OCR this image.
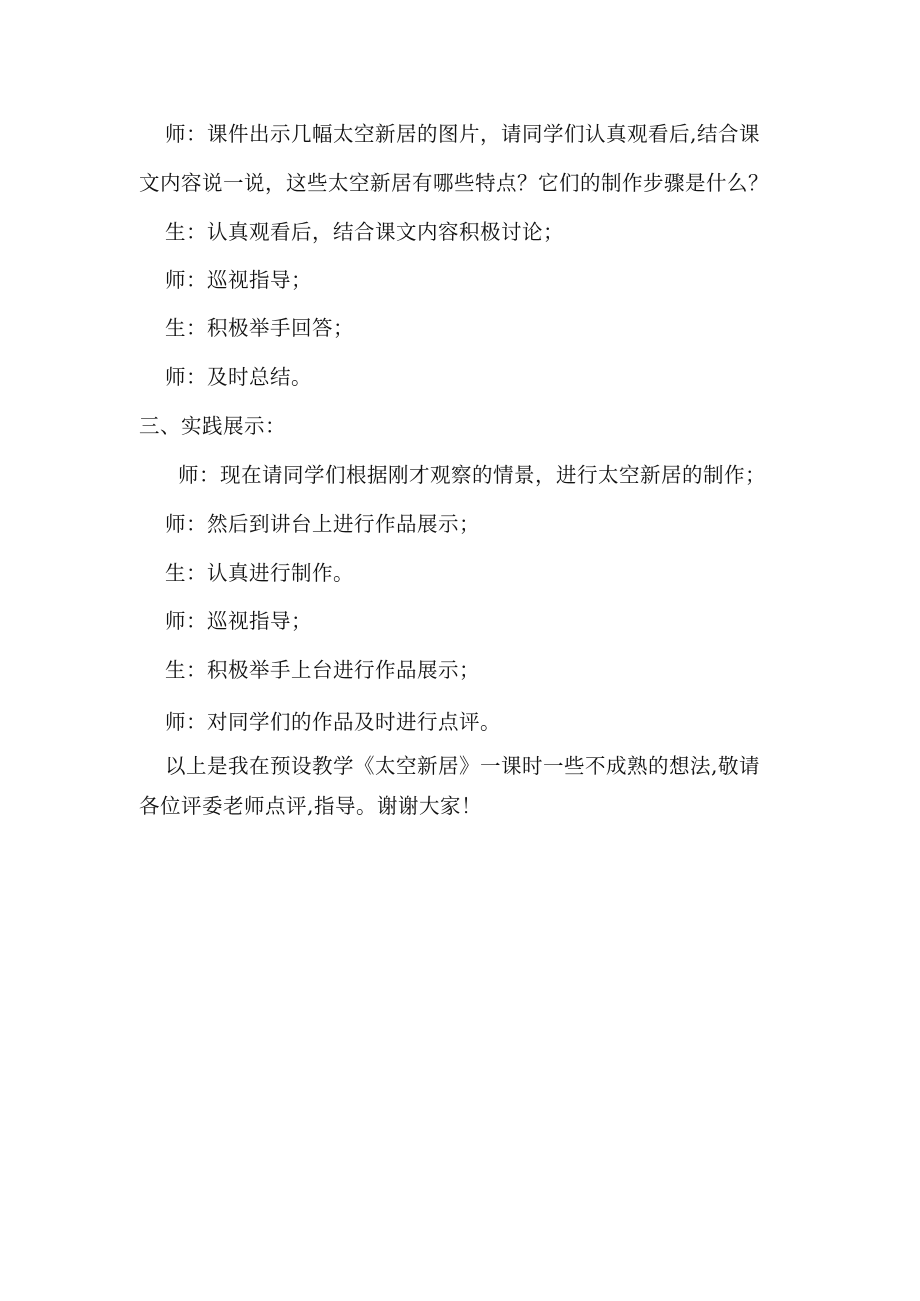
师：课件出示几幅太空新居的图片，请同学们认真观看后,结合课
文内容说一说，这些太空新居有哪些特点？它们的制作步骤是什么？
生：认真观看后，结合课文内容积极讨论；
师：巡视指导；
生：积极举手回答；
师：及时总结。
三、实践展示：
师：现在请同学们根据刚才观察的情景，进行太空新居的制作；
师：然后到讲台上进行作品展示；
生：认真进行制作。
师：巡视指导；
生：积极举手上台进行作品展示；
师：对同学们的作品及时进行点评。
以上是我在预设教学《太空新居》一课时一些不成熟的想法,敬请
各位评委老师点评,指导。谢谢大家！
